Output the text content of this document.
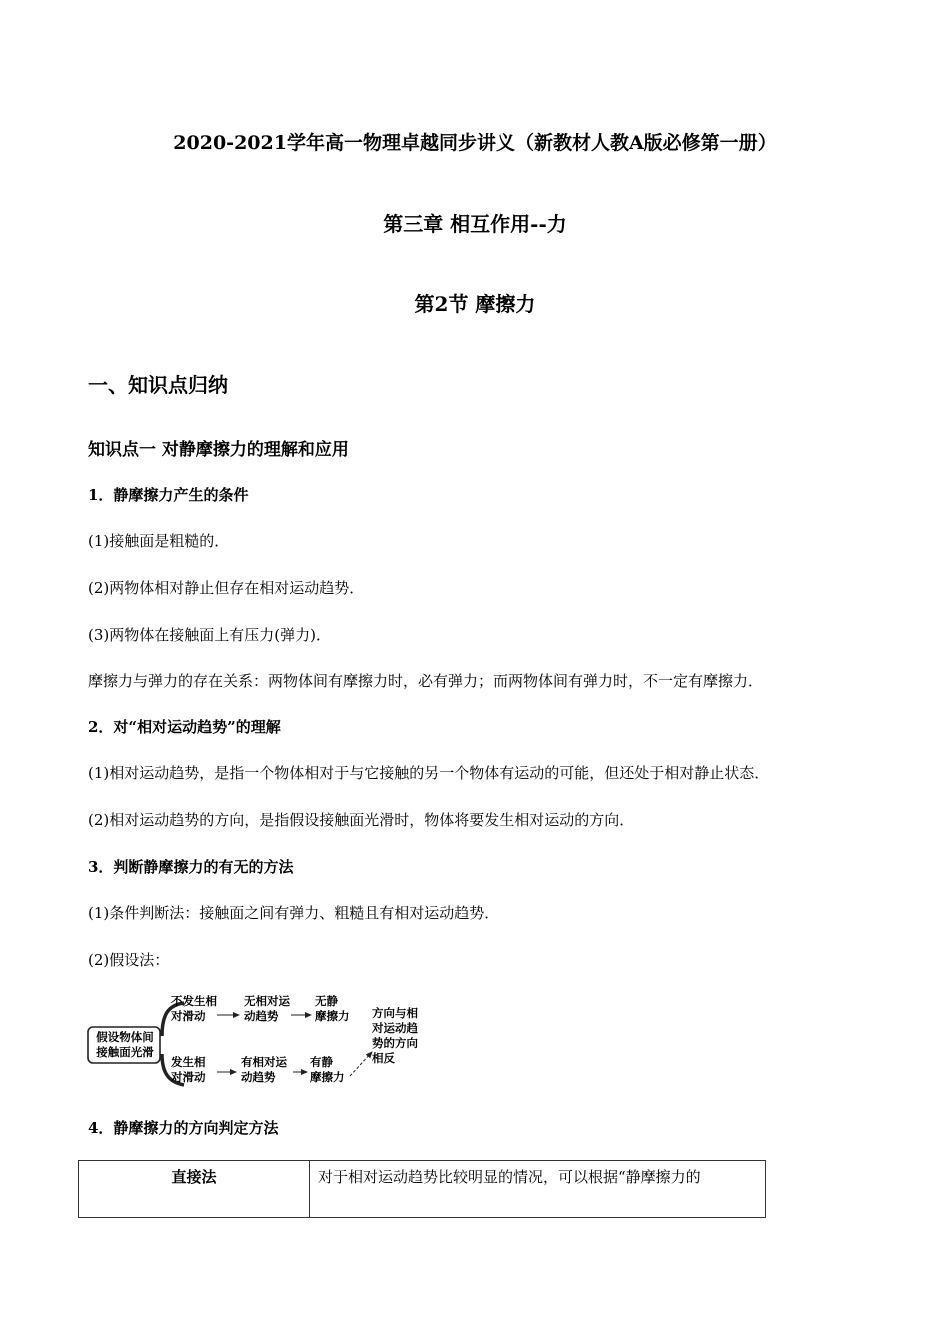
2020-2021学年高一物理卓越同步讲义（新教材人教A版必修第一册）
第三章 相互作用--力
第2节 摩擦力
一、知识点归纳
知识点一 对静摩擦力的理解和应用
1．静摩擦力产生的条件
(1)接触面是粗糙的．
(2)两物体相对静止但存在相对运动趋势．
(3)两物体在接触面上有压力(弹力)．
摩擦力与弹力的存在关系：两物体间有摩擦力时，必有弹力；而两物体间有弹力时，不一定有摩擦力．
2．对“相对运动趋势”的理解
(1)相对运动趋势，是指一个物体相对于与它接触的另一个物体有运动的可能，但还处于相对静止状态．
(2)相对运动趋势的方向，是指假设接触面光滑时，物体将要发生相对运动的方向．
3．判断静摩擦力的有无的方法
(1)条件判断法：接触面之间有弹力、粗糙且有相对运动趋势．
(2)假设法：
假设物体间
接触面光滑
不发生相
对滑动
无相对运
动趋势
无静
摩擦力
发生相
对滑动
有相对运
动趋势
有静
摩擦力
方向与相
对运动趋
势的方向
相反
4．静摩擦力的方向判定方法
直接法	对于相对运动趋势比较明显的情况，可以根据“静摩擦力的
